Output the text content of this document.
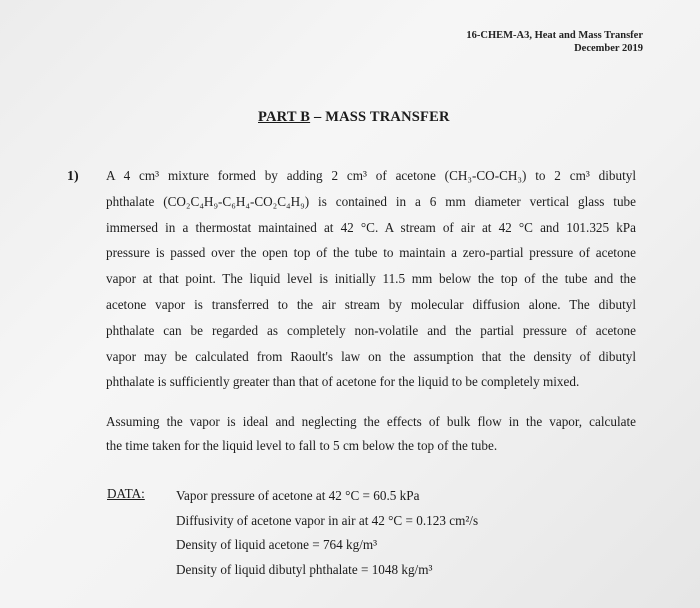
16-CHEM-A3, Heat and Mass Transfer
December 2019
PART B – MASS TRANSFER
1) A 4 cm³ mixture formed by adding 2 cm³ of acetone (CH₃-CO-CH₃) to 2 cm³ dibutyl
phthalate (CO₂C₄H₉-C₆H₄-CO₂C₄H₉) is contained in a 6 mm diameter vertical glass tube
immersed in a thermostat maintained at 42 °C. A stream of air at 42 °C and 101.325 kPa
pressure is passed over the open top of the tube to maintain a zero-partial pressure of acetone
vapor at that point. The liquid level is initially 11.5 mm below the top of the tube and the
acetone vapor is transferred to the air stream by molecular diffusion alone. The dibutyl
phthalate can be regarded as completely non-volatile and the partial pressure of acetone
vapor may be calculated from Raoult's law on the assumption that the density of dibutyl
phthalate is sufficiently greater than that of acetone for the liquid to be completely mixed.
Assuming the vapor is ideal and neglecting the effects of bulk flow in the vapor, calculate
the time taken for the liquid level to fall to 5 cm below the top of the tube.
DATA: Vapor pressure of acetone at 42 °C = 60.5 kPa
Diffusivity of acetone vapor in air at 42 °C = 0.123 cm²/s
Density of liquid acetone = 764 kg/m³
Density of liquid dibutyl phthalate = 1048 kg/m³
